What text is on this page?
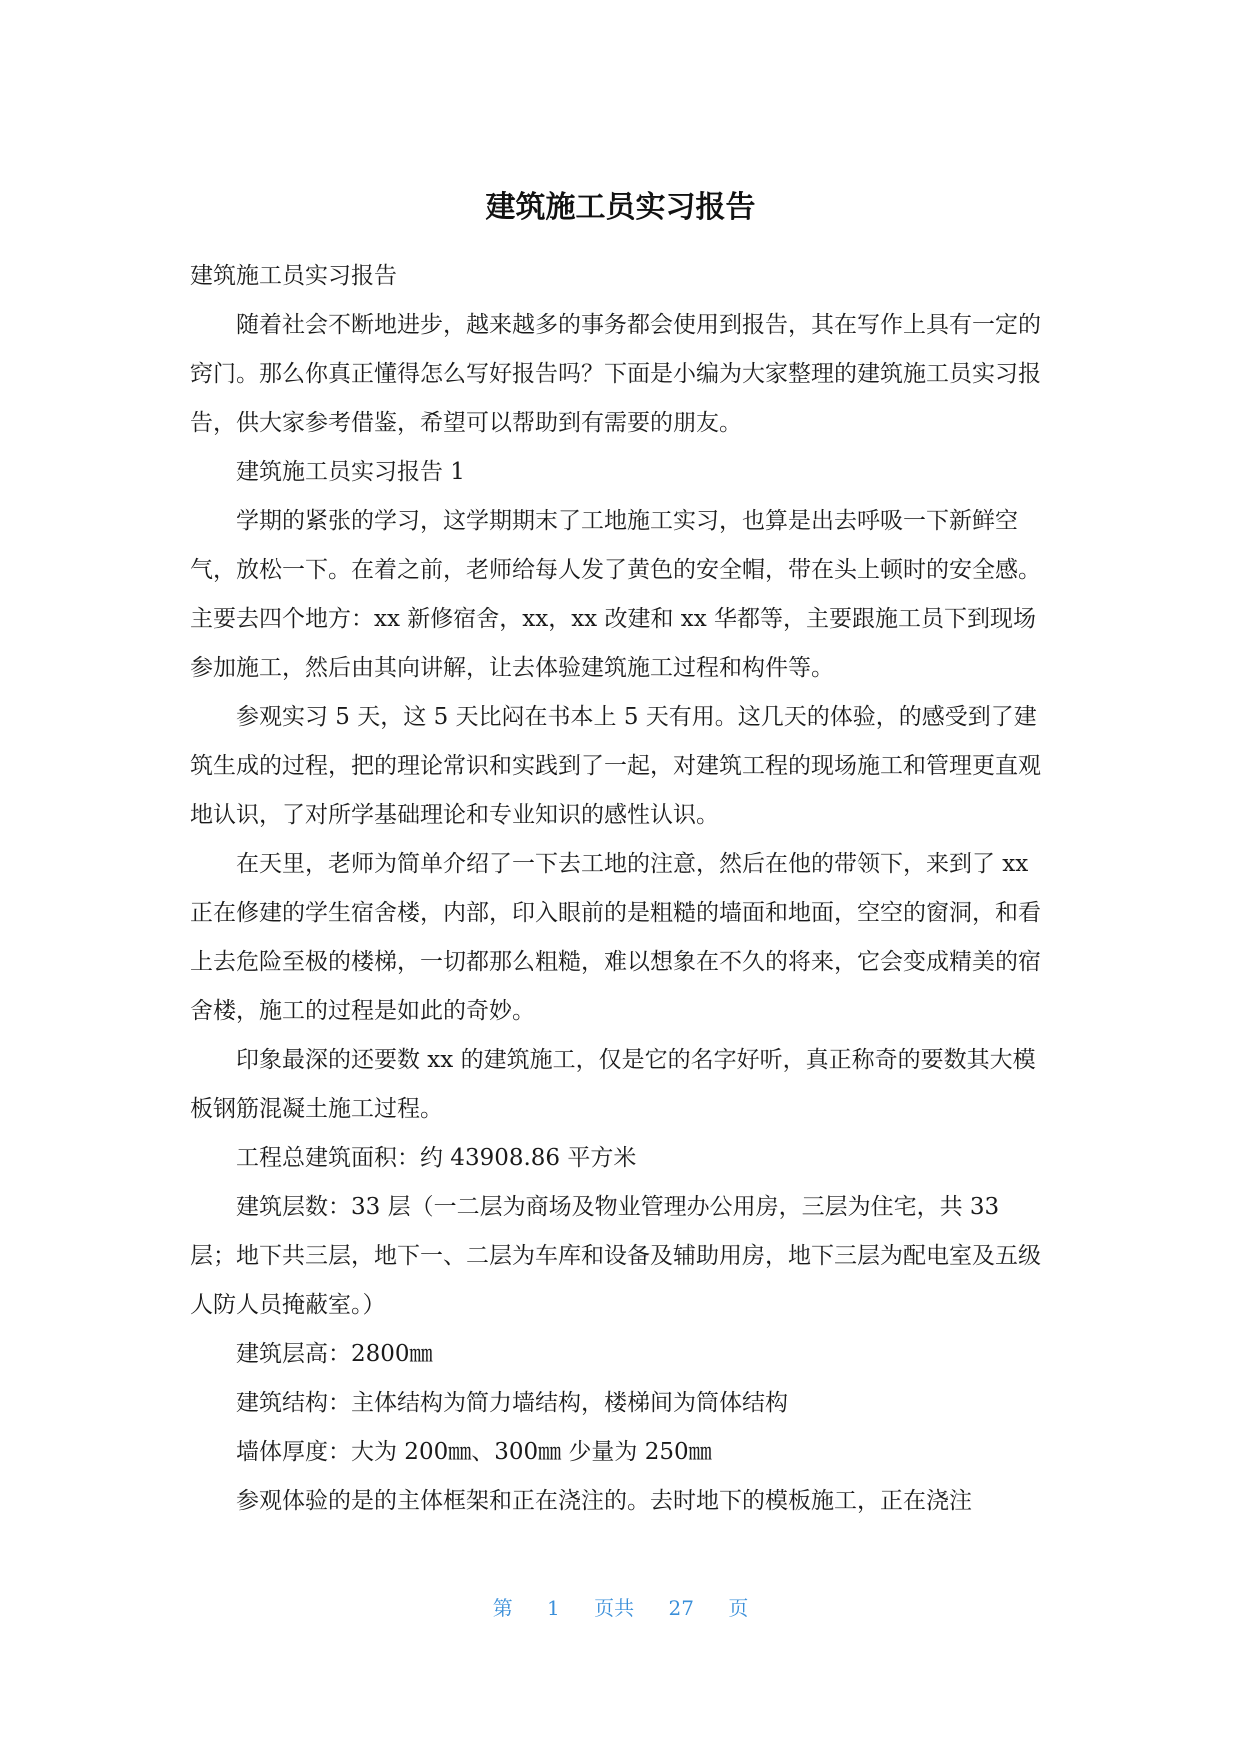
建筑施工员实习报告

建筑施工员实习报告

随着社会不断地进步，越来越多的事务都会使用到报告，其在写作上具有一定的窍门。那么你真正懂得怎么写好报告吗？下面是小编为大家整理的建筑施工员实习报告，供大家参考借鉴，希望可以帮助到有需要的朋友。

建筑施工员实习报告 1

学期的紧张的学习，这学期期末了工地施工实习，也算是出去呼吸一下新鲜空气，放松一下。在着之前，老师给每人发了黄色的安全帽，带在头上顿时的安全感。主要去四个地方：xx 新修宿舍，xx，xx 改建和 xx 华都等，主要跟施工员下到现场参加施工，然后由其向讲解，让去体验建筑施工过程和构件等。

参观实习 5 天，这 5 天比闷在书本上 5 天有用。这几天的体验，的感受到了建筑生成的过程，把的理论常识和实践到了一起，对建筑工程的现场施工和管理更直观地认识，了对所学基础理论和专业知识的感性认识。

在天里，老师为简单介绍了一下去工地的注意，然后在他的带领下，来到了 xx 正在修建的学生宿舍楼，内部，印入眼前的是粗糙的墙面和地面，空空的窗洞，和看上去危险至极的楼梯，一切都那么粗糙，难以想象在不久的将来，它会变成精美的宿舍楼，施工的过程是如此的奇妙。

印象最深的还要数 xx 的建筑施工，仅是它的名字好听，真正称奇的要数其大模板钢筋混凝土施工过程。

工程总建筑面积：约 43908.86 平方米

建筑层数：33 层（一二层为商场及物业管理办公用房，三层为住宅，共 33 层；地下共三层，地下一、二层为车库和设备及辅助用房，地下三层为配电室及五级人防人员掩蔽室。）

建筑层高：2800㎜

建筑结构：主体结构为简力墙结构，楼梯间为筒体结构

墙体厚度：大为 200㎜、300㎜ 少量为 250㎜

参观体验的是的主体框架和正在浇注的。去时地下的模板施工，正在浇注

第 1 页共 27 页
